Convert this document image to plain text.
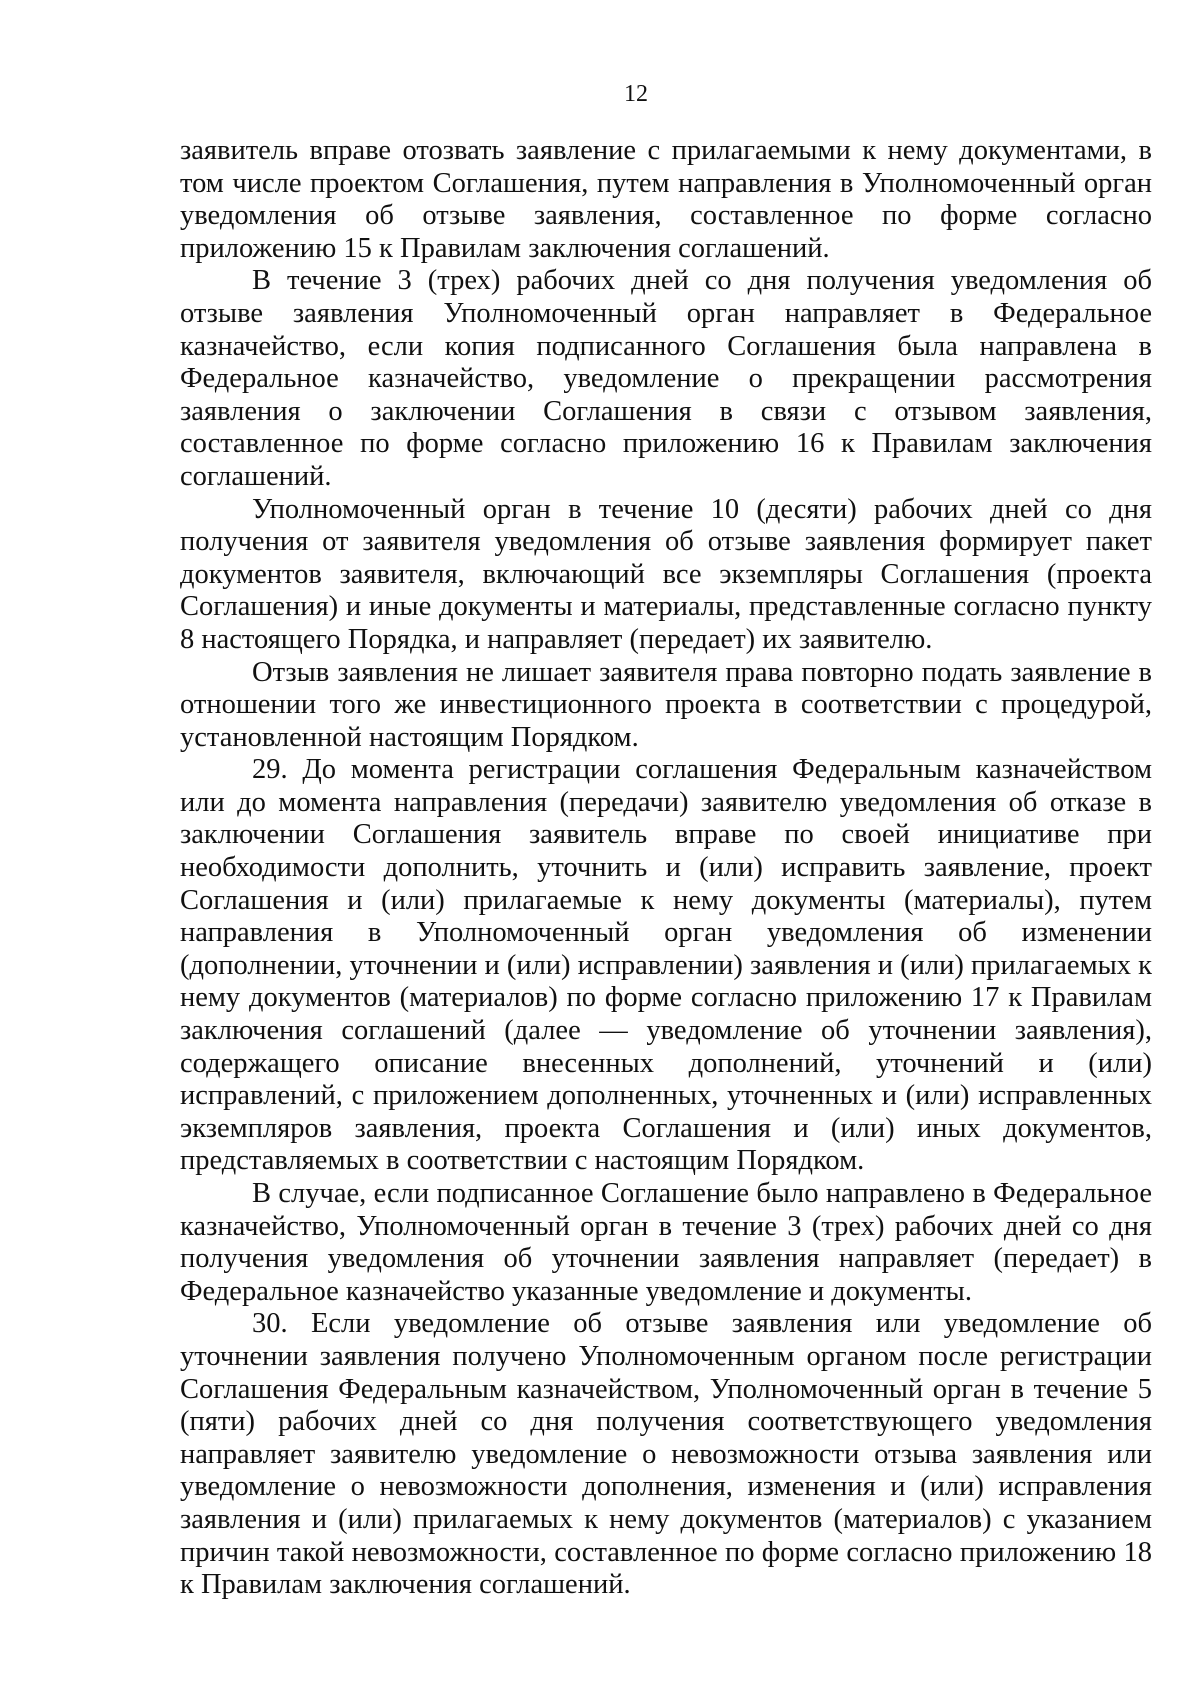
12

заявитель вправе отозвать заявление с прилагаемыми к нему документами, в том числе проектом Соглашения, путем направления в Уполномоченный орган уведомления об отзыве заявления, составленное по форме согласно приложению 15 к Правилам заключения соглашений.

В течение 3 (трех) рабочих дней со дня получения уведомления об отзыве заявления Уполномоченный орган направляет в Федеральное казначейство, если копия подписанного Соглашения была направлена в Федеральное казначейство, уведомление о прекращении рассмотрения заявления о заключении Соглашения в связи с отзывом заявления, составленное по форме согласно приложению 16 к Правилам заключения соглашений.

Уполномоченный орган в течение 10 (десяти) рабочих дней со дня получения от заявителя уведомления об отзыве заявления формирует пакет документов заявителя, включающий все экземпляры Соглашения (проекта Соглашения) и иные документы и материалы, представленные согласно пункту 8 настоящего Порядка, и направляет (передает) их заявителю.

Отзыв заявления не лишает заявителя права повторно подать заявление в отношении того же инвестиционного проекта в соответствии с процедурой, установленной настоящим Порядком.

29. До момента регистрации соглашения Федеральным казначейством или до момента направления (передачи) заявителю уведомления об отказе в заключении Соглашения заявитель вправе по своей инициативе при необходимости дополнить, уточнить и (или) исправить заявление, проект Соглашения и (или) прилагаемые к нему документы (материалы), путем направления в Уполномоченный орган уведомления об изменении (дополнении, уточнении и (или) исправлении) заявления и (или) прилагаемых к нему документов (материалов) по форме согласно приложению 17 к Правилам заключения соглашений (далее — уведомление об уточнении заявления), содержащего описание внесенных дополнений, уточнений и (или) исправлений, с приложением дополненных, уточненных и (или) исправленных экземпляров заявления, проекта Соглашения и (или) иных документов, представляемых в соответствии с настоящим Порядком.

В случае, если подписанное Соглашение было направлено в Федеральное казначейство, Уполномоченный орган в течение 3 (трех) рабочих дней со дня получения уведомления об уточнении заявления направляет (передает) в Федеральное казначейство указанные уведомление и документы.

30. Если уведомление об отзыве заявления или уведомление об уточнении заявления получено Уполномоченным органом после регистрации Соглашения Федеральным казначейством, Уполномоченный орган в течение 5 (пяти) рабочих дней со дня получения соответствующего уведомления направляет заявителю уведомление о невозможности отзыва заявления или уведомление о невозможности дополнения, изменения и (или) исправления заявления и (или) прилагаемых к нему документов (материалов) с указанием причин такой невозможности, составленное по форме согласно приложению 18 к Правилам заключения соглашений.
